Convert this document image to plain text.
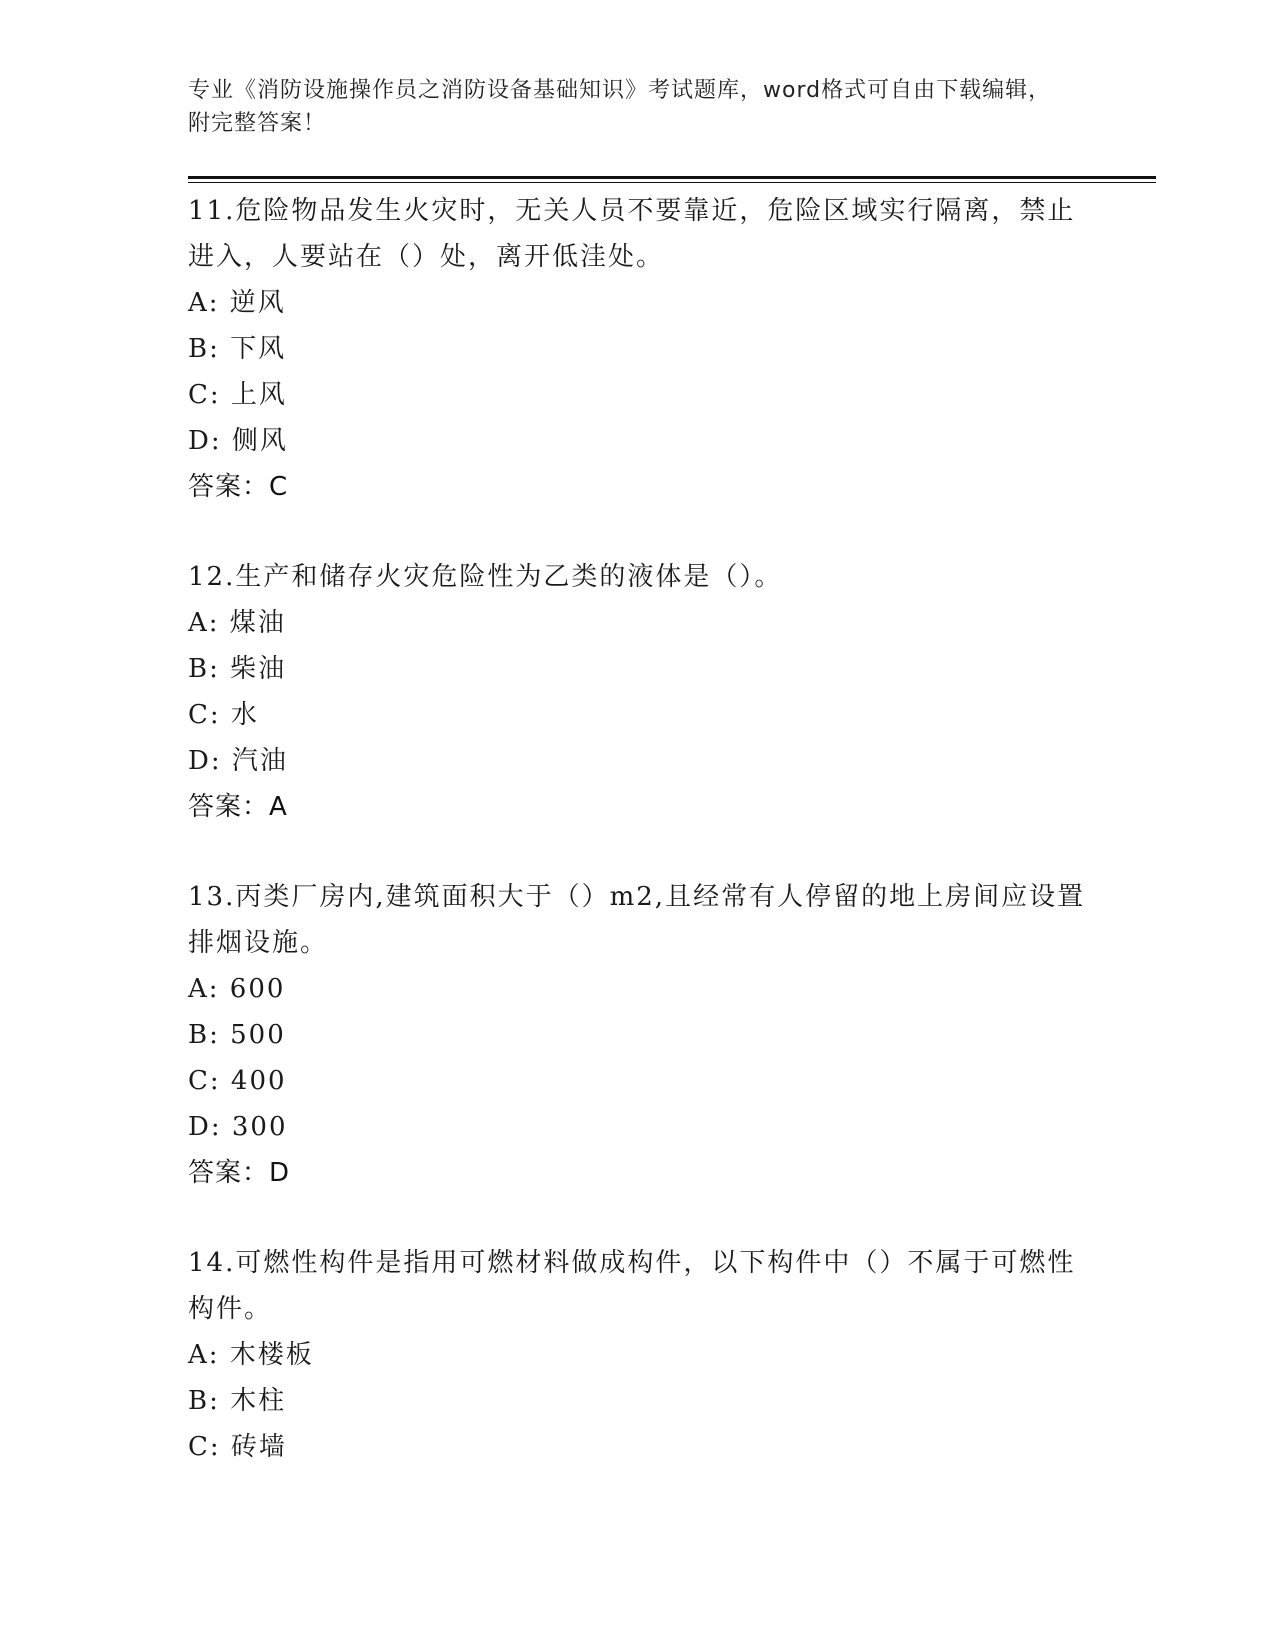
专业《消防设施操作员之消防设备基础知识》考试题库，word格式可自由下载编辑，附完整答案！
11.危险物品发生火灾时，无关人员不要靠近，危险区域实行隔离，禁止进入，人要站在（）处，离开低洼处。
A: 逆风
B: 下风
C: 上风
D: 侧风
答案：C
12.生产和储存火灾危险性为乙类的液体是（）。
A: 煤油
B: 柴油
C: 水
D: 汽油
答案：A
13.丙类厂房内,建筑面积大于（）m2,且经常有人停留的地上房间应设置排烟设施。
A: 600
B: 500
C: 400
D: 300
答案：D
14.可燃性构件是指用可燃材料做成构件，以下构件中（）不属于可燃性构件。
A: 木楼板
B: 木柱
C: 砖墙
